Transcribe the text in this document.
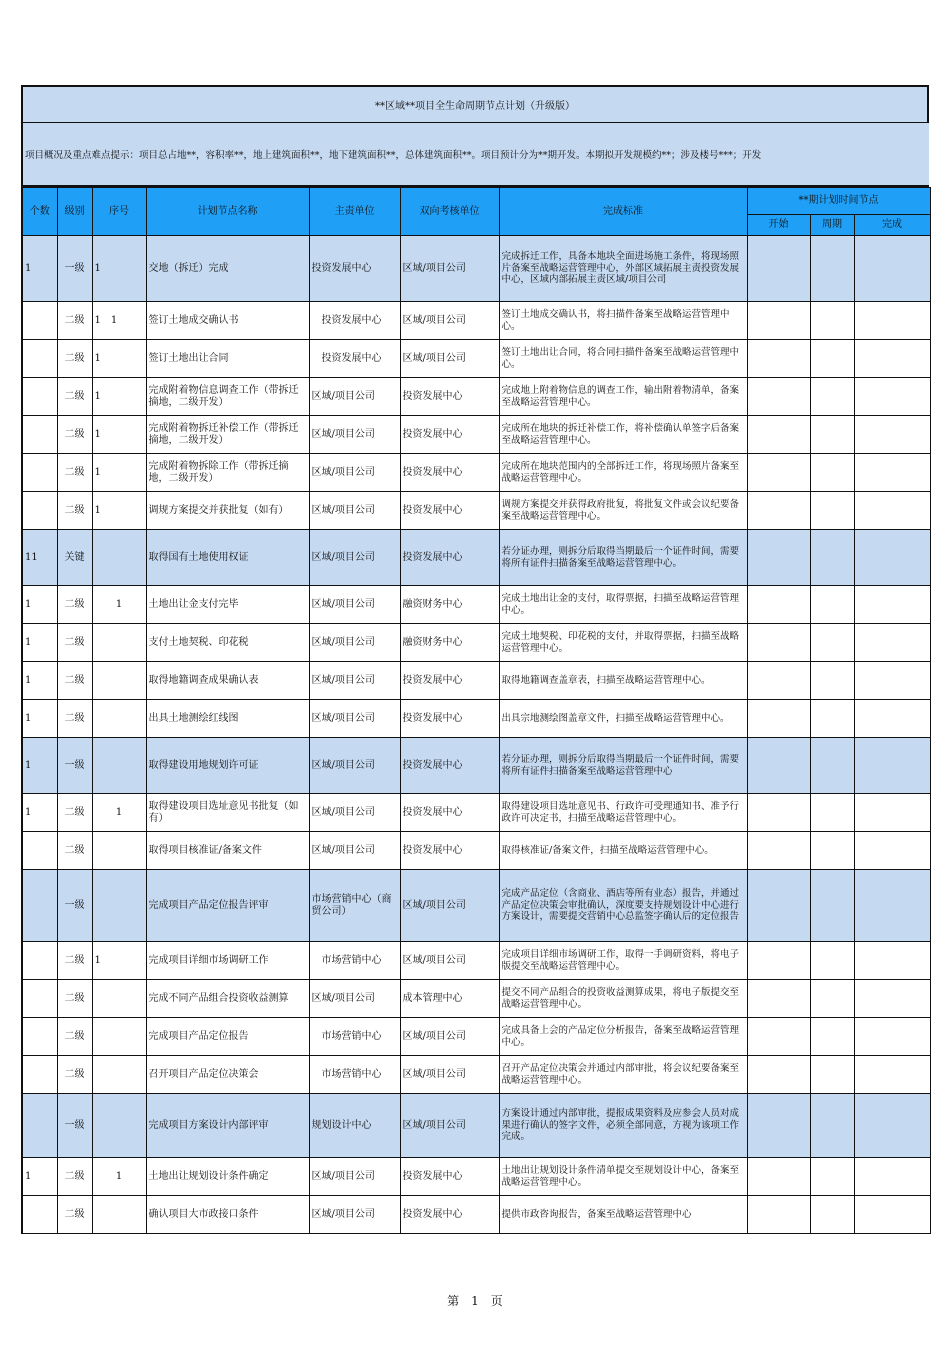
**区域**项目全生命周期节点计划（升级版）
项目概况及重点难点提示：项目总占地**，容积率**，地上建筑面积**，地下建筑面积**，总体建筑面积**。项目预计分为**期开发。本期拟开发规模约**；涉及楼号***；开发
个数	级别	序号	计划节点名称	主责单位	双向考核单位	完成标准	**期计划时间节点		
							开始	周期	完成
1	一级	1	交地（拆迁）完成	投资发展中心	区域/项目公司	完成拆迁工作，具备本地块全面进场施工条件，将现场照片备案至战略运营管理中心，外部区域拓展主责投资发展中心，区域内部拓展主责区域/项目公司			
	二级	1　1	签订土地成交确认书	　投资发展中心	区域/项目公司	签订土地成交确认书，将扫描件备案至战略运营管理中心。			
	二级	1	签订土地出让合同	　投资发展中心	区域/项目公司	签订土地出让合同，将合同扫描件备案至战略运营管理中心。			
	二级	1	完成附着物信息调查工作（带拆迁摘地，二级开发）	区域/项目公司	投资发展中心	完成地上附着物信息的调查工作，输出附着物清单，备案至战略运营管理中心。			
	二级	1	完成附着物拆迁补偿工作（带拆迁摘地，二级开发）	区域/项目公司	投资发展中心	完成所在地块的拆迁补偿工作，将补偿确认单签字后备案至战略运营管理中心。			
	二级	1	完成附着物拆除工作（带拆迁摘地，二级开发）	区域/项目公司	投资发展中心	完成所在地块范围内的全部拆迁工作，将现场照片备案至战略运营管理中心。			
	二级	1	调规方案提交并获批复（如有）	区域/项目公司	投资发展中心	调规方案提交并获得政府批复，将批复文件或会议纪要备案至战略运营管理中心。			
11	关键		取得国有土地使用权证	区域/项目公司	投资发展中心	若分证办理，则拆分后取得当期最后一个证件时间，需要将所有证件扫描备案至战略运营管理中心。			
1	二级	1	土地出让金支付完毕	区域/项目公司	融资财务中心	完成土地出让金的支付，取得票据，扫描至战略运营管理中心。			
1	二级		支付土地契税、印花税	区域/项目公司	融资财务中心	完成土地契税、印花税的支付，并取得票据，扫描至战略运营管理中心。			
1	二级		取得地籍调查成果确认表	区域/项目公司	投资发展中心	取得地籍调查盖章表，扫描至战略运营管理中心。			
1	二级		出具土地测绘红线图	区域/项目公司	投资发展中心	出具宗地测绘图盖章文件，扫描至战略运营管理中心。			
1	一级		取得建设用地规划许可证	区域/项目公司	投资发展中心	若分证办理，则拆分后取得当期最后一个证件时间，需要将所有证件扫描备案至战略运营管理中心			
1	二级	1	取得建设项目选址意见书批复（如有）	区域/项目公司	投资发展中心	取得建设项目选址意见书、行政许可受理通知书、准予行政许可决定书，扫描至战略运营管理中心。			
	二级		取得项目核准证/备案文件	区域/项目公司	投资发展中心	取得核准证/备案文件，扫描至战略运营管理中心。			
	一级		完成项目产品定位报告评审	市场营销中心（商贸公司）	区域/项目公司	完成产品定位（含商业、酒店等所有业态）报告，并通过产品定位决策会审批确认，深度要支持规划设计中心进行方案设计，需要提交营销中心总监签字确认后的定位报告			
	二级	1	完成项目详细市场调研工作	　市场营销中心	区域/项目公司	完成项目详细市场调研工作，取得一手调研资料，将电子版提交至战略运营管理中心。			
	二级		完成不同产品组合投资收益测算	区域/项目公司	成本管理中心	提交不同产品组合的投资收益测算成果，将电子版提交至战略运营管理中心。			
	二级		完成项目产品定位报告	　市场营销中心	区域/项目公司	完成具备上会的产品定位分析报告，备案至战略运营管理中心。			
	二级		召开项目产品定位决策会	　市场营销中心	区域/项目公司	召开产品定位决策会并通过内部审批，将会议纪要备案至战略运营管理中心。			
	一级		完成项目方案设计内部评审	规划设计中心	区域/项目公司	方案设计通过内部审批，提报成果资料及应参会人员对成果进行确认的签字文件，必须全部同意，方视为该项工作完成。			
1	二级	1	土地出让规划设计条件确定	区域/项目公司	投资发展中心	土地出让规划设计条件清单提交至规划设计中心，备案至战略运营管理中心。			
	二级		确认项目大市政接口条件	区域/项目公司	投资发展中心	提供市政咨询报告，备案至战略运营管理中心			
第　1　页
